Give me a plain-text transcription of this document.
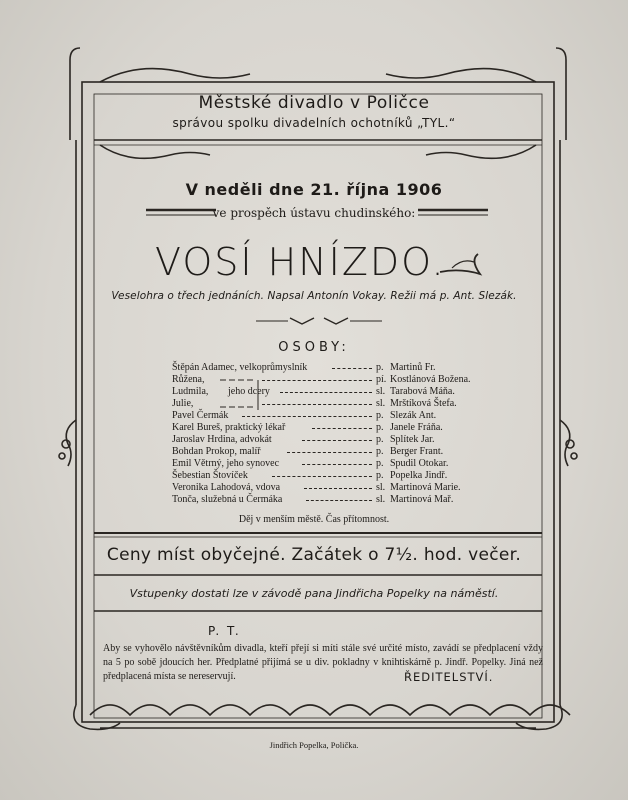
Městské divadlo v Poličce
správou spolku divadelních ochotníků „TYL.“
V neděli dne 21. října 1906
ve prospěch ústavu chudinského:
VOSÍ HNÍZDO.
Veselohra o třech jednáních. Napsal Antonín Vokay. Režii má p. Ant. Slezák.
OSOBY:
Štěpán Adamec, velkoprůmyslník	p. Martinů Fr.
Růžena,	pí. Kostlánová Božena.
Ludmila, jeho dcery	sl. Tarabová Máňa.
Julie,	sl. Mrštíková Štefa.
Pavel Čermák	p. Slezák Ant.
Karel Bureš, praktický lékař	p. Janele Fráňa.
Jaroslav Hrdina, advokát	p. Splítek Jar.
Bohdan Prokop, malíř	p. Berger Frant.
Emil Větrný, jeho synovec	p. Spudil Otokar.
Šebestian Štovíček	p. Popelka Jindř.
Veronika Lahodová, vdova	sl. Martinová Marie.
Tonča, služebná u Čermáka	sl. Martinová Mař.
Děj v menším městě. Čas přítomnost.
Ceny míst obyčejné. Začátek o 7½. hod. večer.
Vstupenky dostati lze v závodě pana Jindřicha Popelky na náměstí.
P. T.
Aby se vyhovělo návštěvníkům divadla, kteří přejí si míti stále své určité místo, zavádí se předplacení vždy na 5 po sobě jdoucích her. Předplatné přijímá se u div. pokladny v knihtiskárně p. Jindř. Popelky. Jiná než předplacená místa se nereservují.	ŘEDITELSTVÍ.
Jindřich Popelka, Polička.
